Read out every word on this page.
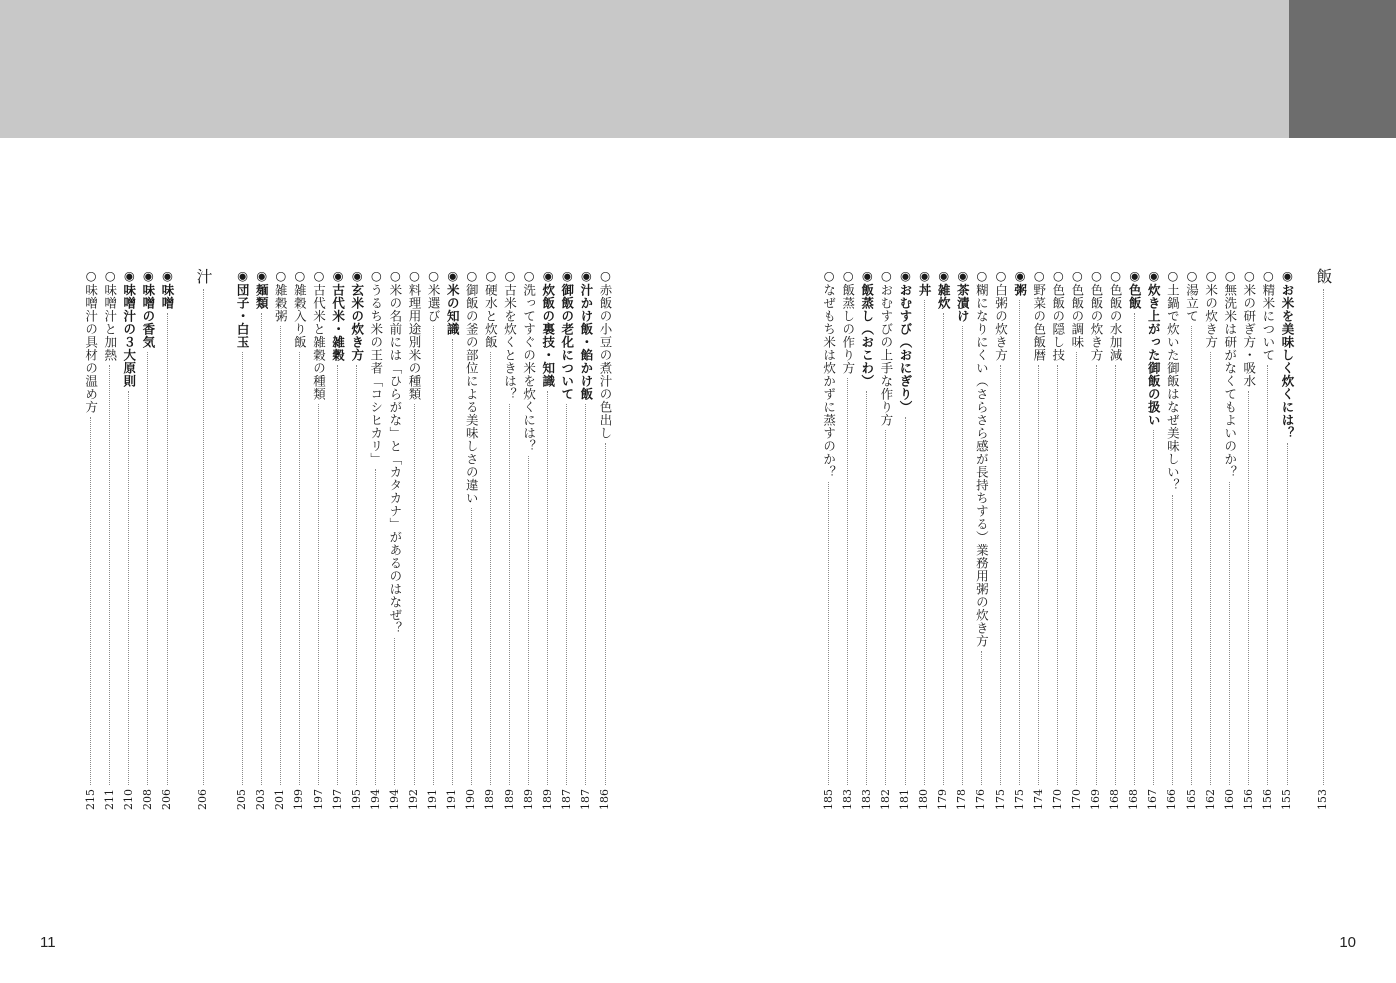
飯
153
◉お米を美味しく炊くには？
155
○精米について
156
○米の研ぎ方・吸水
156
○無洗米は研がなくてもよいのか？
160
○米の炊き方
162
○湯立て
165
○土鍋で炊いた御飯はなぜ美味しい？
166
◉炊き上がった御飯の扱い
167
◉色飯
168
○色飯の水加減
168
○色飯の炊き方
169
○色飯の調味
170
○色飯の隠し技
170
○野菜の色飯暦
174
◉粥
175
○白粥の炊き方
175
○糊になりにくい（さらさら感が長持ちする）業務用粥の炊き方
176
◉茶漬け
178
◉雑炊
179
◉丼
180
◉おむすび（おにぎり）
181
○おむすびの上手な作り方
182
◉飯蒸し（おこわ）
183
○飯蒸しの作り方
183
○なぜもち米は炊かずに蒸すのか？
185
○赤飯の小豆の煮汁の色出し
186
◉汁かけ飯・餡かけ飯
187
◉御飯の老化について
187
◉炊飯の裏技・知識
189
○洗ってすぐの米を炊くには？
189
○古米を炊くときは？
189
○硬水と炊飯
189
○御飯の釜の部位による美味しさの違い
190
◉米の知識
191
○米選び
191
○料理用途別米の種類
192
○米の名前には「ひらがな」と「カタカナ」があるのはなぜ？
194
○うるち米の王者「コシヒカリ」
194
◉玄米の炊き方
195
◉古代米・雑穀
197
○古代米と雑穀の種類
197
○雑穀入り飯
199
○雑穀粥
201
◉麺類
203
◉団子・白玉
205
汁
206
◉味噌
206
◉味噌の香気
208
◉味噌汁の３大原則
210
○味噌汁と加熱
211
○味噌汁の具材の温め方
215
11	10
